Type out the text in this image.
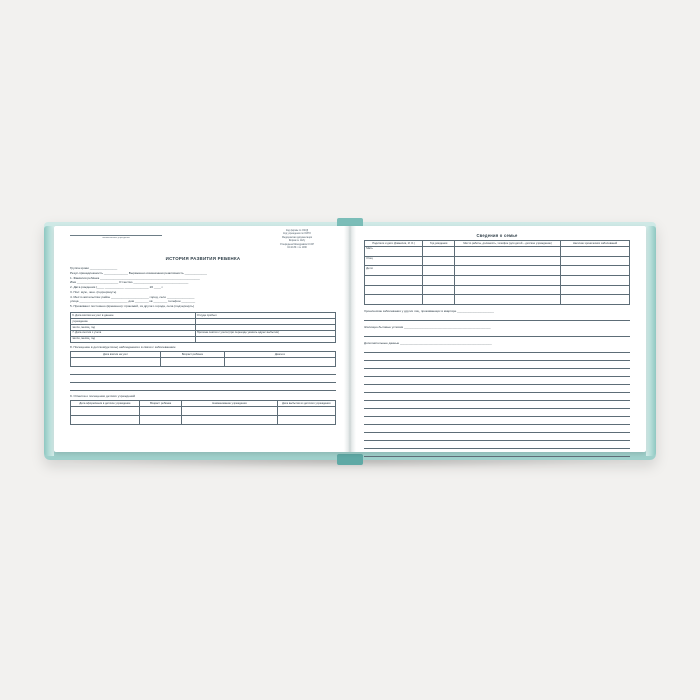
наименование учреждения
Код формы по ОКУД
Код учреждения по ОКПО
Медицинская документация
Форма № 112/у
Утверждена Минздравом СССР
04.10.80 г. № 1030
ИСТОРИЯ РАЗВИТИЯ РЕБЕНКА
Группа крови ________________
Резус-принадлежность ______________ Выраженно изменённая реактивность _____________
1. Фамилия ребёнка __________________________________________________________
Имя ________________________ Отчество ________________________________
2. Дата рождения (____ ___________ ______________ 20 ____ г.
3. Пол: муж., жен. (подчеркнуть)
4. Место жительства: район ______________________ город, село ________________
улица ____________________________ дом ________ кв ________ телефон ________
5. Проживают постоянно (временно): приезжий, из другого города, села (подчеркнуть)
6. Дата взятия на учет в данное	Откуда прибыл
учреждение	
число, месяц, год	
7. Дата снятия с учета	Причина снятия с учета (при переезде указать адрес выбытия)
число, месяц, год	
8. Посещение в детском(детское) наблюдаемого в связи с заболеванием
Дата взятия на учет	Возраст ребёнка	Диагноз

9. Отметка о посещении детских учреждений
Дата оформления в детское учреждение	Возраст ребёнка	Наименование учреждения	Дата выбытия из детского учреждения

Сведения о семье
Родители и дети (фамилия, И. О.)	Год рождения	Место работы, должность, телефон (для детей – детское учреждение)	Наличие хронических заболеваний
Мать			
Отец			
Дети:			

Хронические заболевания у других лиц, проживающих в квартире ______________________
Жилищно-бытовые условия ____________________________________________________
Дополнительные данные _______________________________________________________
